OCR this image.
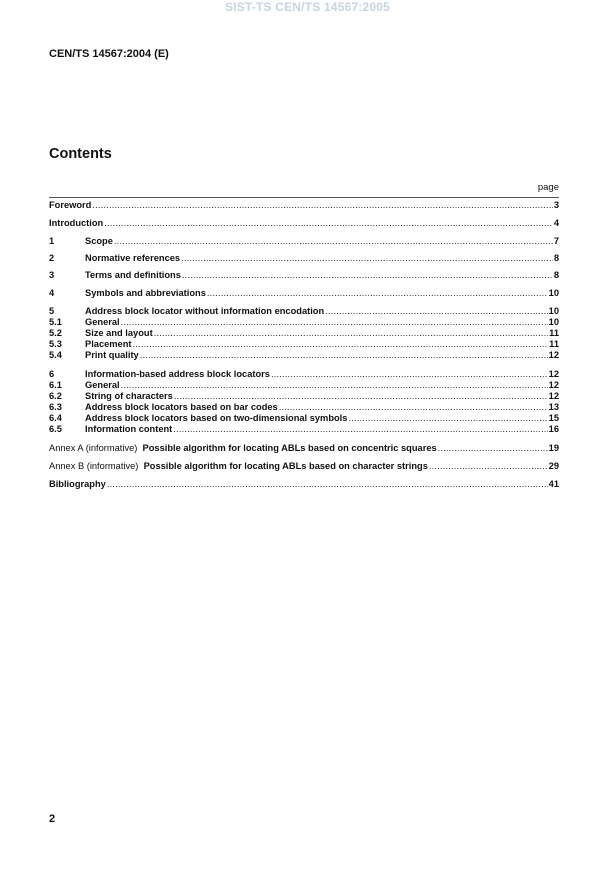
SIST-TS CEN/TS 14567:2005
CEN/TS 14567:2004 (E)
Contents
page
Foreword . . .	3
Introduction . . .	4
1	Scope . . .	7
2	Normative references . . .	8
3	Terms and definitions . . .	8
4	Symbols and abbreviations . . .	10
5	Address block locator without information encodation . . .	10
5.1	General . . .	10
5.2	Size and layout . . .	11
5.3	Placement . . .	11
5.4	Print quality . . .	12
6	Information-based address block locators . . .	12
6.1	General . . .	12
6.2	String of characters . . .	12
6.3	Address block locators based on bar codes . . .	13
6.4	Address block locators based on two-dimensional symbols . . .	15
6.5	Information content . . .	16
Annex A (informative) Possible algorithm for locating ABLs based on concentric squares . . .	19
Annex B (informative) Possible algorithm for locating ABLs based on character strings . . .	29
Bibliography . . .	41
2
